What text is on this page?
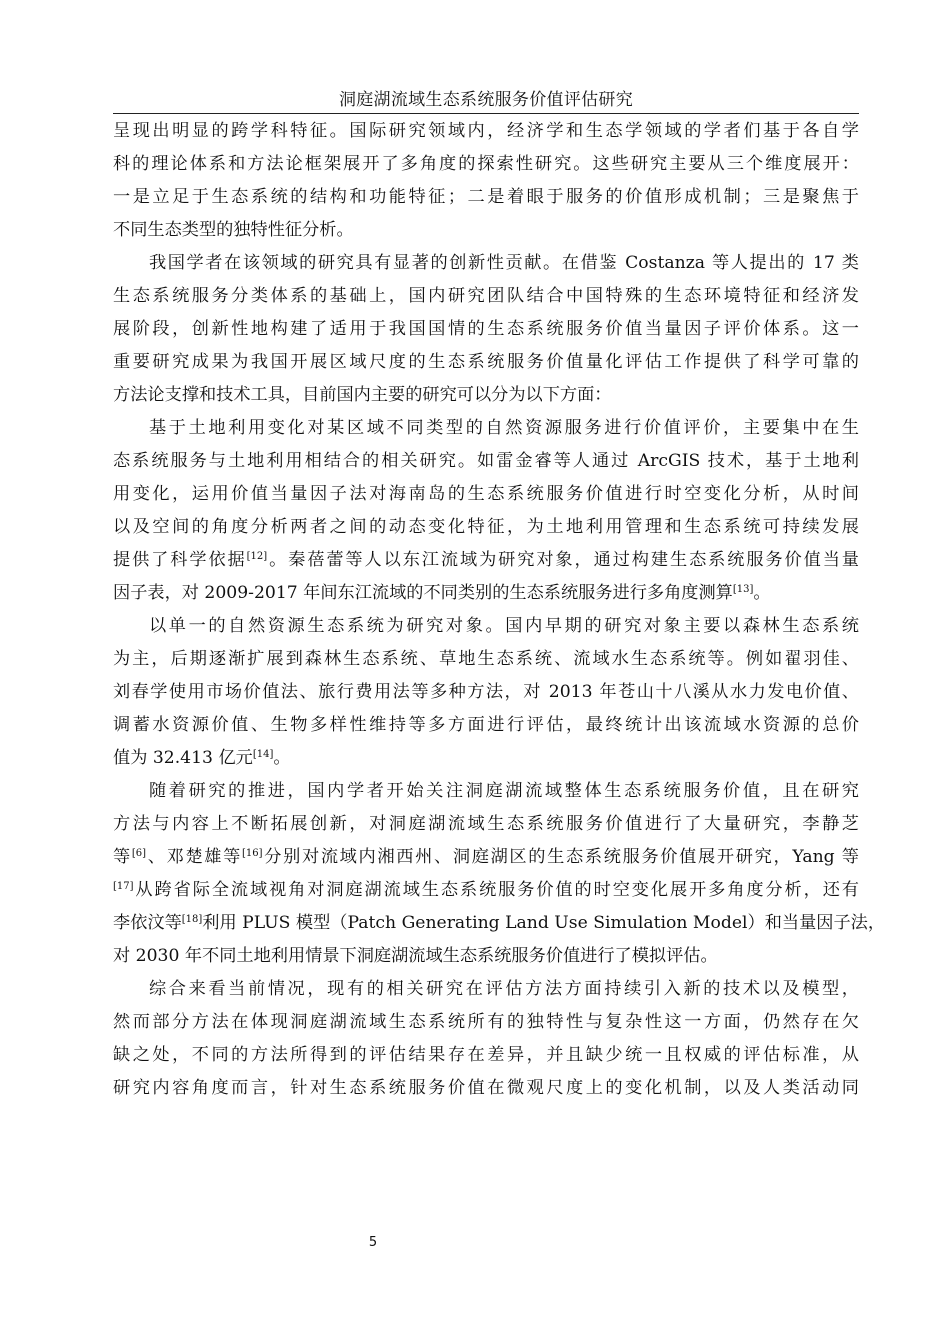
洞庭湖流域生态系统服务价值评估研究
呈现出明显的跨学科特征。国际研究领域内，经济学和生态学领域的学者们基于各自学
科的理论体系和方法论框架展开了多角度的探索性研究。这些研究主要从三个维度展开：
一是立足于生态系统的结构和功能特征；二是着眼于服务的价值形成机制；三是聚焦于
不同生态类型的独特性征分析。
我国学者在该领域的研究具有显著的创新性贡献。在借鉴 Costanza 等人提出的 17 类
生态系统服务分类体系的基础上，国内研究团队结合中国特殊的生态环境特征和经济发
展阶段，创新性地构建了适用于我国国情的生态系统服务价值当量因子评价体系。这一
重要研究成果为我国开展区域尺度的生态系统服务价值量化评估工作提供了科学可靠的
方法论支撑和技术工具，目前国内主要的研究可以分为以下方面：
基于土地利用变化对某区域不同类型的自然资源服务进行价值评价，主要集中在生
态系统服务与土地利用相结合的相关研究。如雷金睿等人通过 ArcGIS 技术，基于土地利
用变化，运用价值当量因子法对海南岛的生态系统服务价值进行时空变化分析，从时间
以及空间的角度分析两者之间的动态变化特征，为土地利用管理和生态系统可持续发展
提供了科学依据[12]。秦蓓蕾等人以东江流域为研究对象，通过构建生态系统服务价值当量
因子表，对 2009-2017 年间东江流域的不同类别的生态系统服务进行多角度测算[13]。
以单一的自然资源生态系统为研究对象。国内早期的研究对象主要以森林生态系统
为主，后期逐渐扩展到森林生态系统、草地生态系统、流域水生态系统等。例如翟羽佳、
刘春学使用市场价值法、旅行费用法等多种方法，对 2013 年苍山十八溪从水力发电价值、
调蓄水资源价值、生物多样性维持等多方面进行评估，最终统计出该流域水资源的总价
值为 32.413 亿元[14]。
随着研究的推进，国内学者开始关注洞庭湖流域整体生态系统服务价值，且在研究
方法与内容上不断拓展创新，对洞庭湖流域生态系统服务价值进行了大量研究，李静芝
等[6]、邓楚雄等[16]分别对流域内湘西州、洞庭湖区的生态系统服务价值展开研究，Yang 等
[17]从跨省际全流域视角对洞庭湖流域生态系统服务价值的时空变化展开多角度分析，还有
李依汶等[18]利用 PLUS 模型（Patch Generating Land Use Simulation Model）和当量因子法，
对 2030 年不同土地利用情景下洞庭湖流域生态系统服务价值进行了模拟评估。
综合来看当前情况，现有的相关研究在评估方法方面持续引入新的技术以及模型，
然而部分方法在体现洞庭湖流域生态系统所有的独特性与复杂性这一方面，仍然存在欠
缺之处，不同的方法所得到的评估结果存在差异，并且缺少统一且权威的评估标准，从
研究内容角度而言，针对生态系统服务价值在微观尺度上的变化机制，以及人类活动同
5
